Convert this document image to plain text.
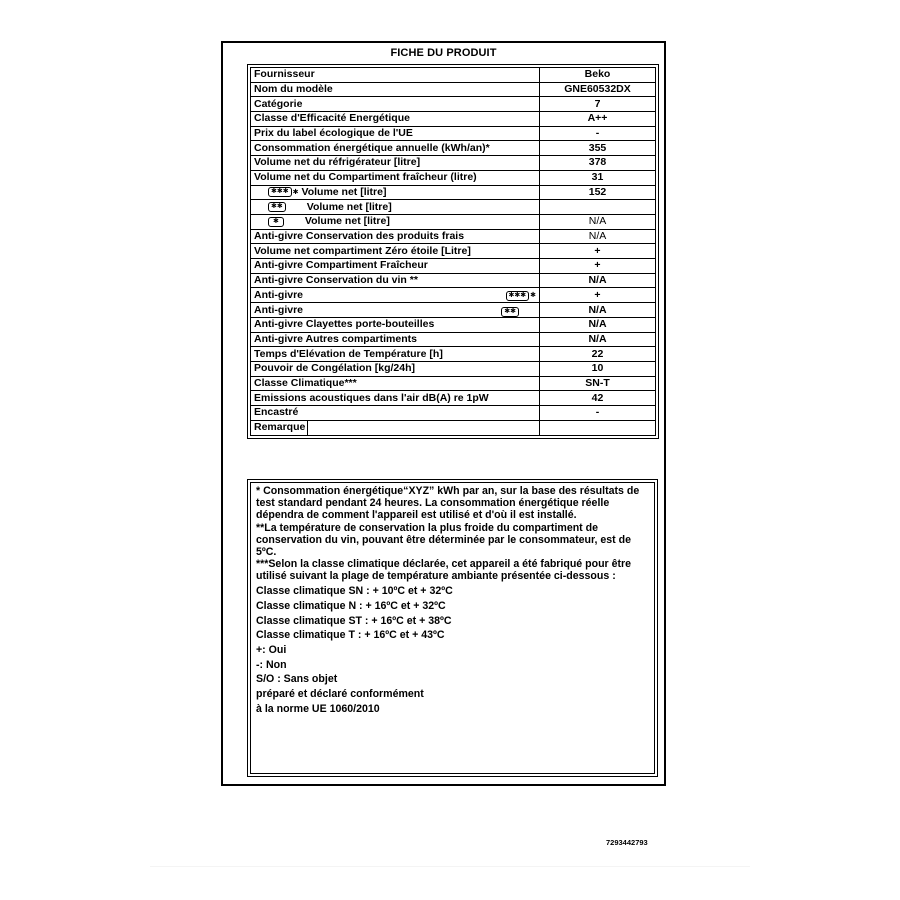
FICHE DU PRODUIT
Fournisseur	Beko
Nom du modèle	GNE60532DX
Catégorie	7
Classe d'Efficacité Energétique	A++
Prix du label écologique de l'UE	-
Consommation énergétique annuelle (kWh/an)*	355
Volume net du réfrigérateur [litre]	378
Volume net du Compartiment fraîcheur (litre)	31

✱✱✱ ✱ Volume net [litre]	152

✱✱ Volume net [litre]	

✱ Volume net [litre]	N/A
Anti-givre Conservation des produits frais	N/A
Volume net compartiment Zéro étoile [Litre]	+
Anti-givre Compartiment Fraîcheur	+
Anti-givre Conservation du vin **	N/A

Anti-givre ✱✱✱ ✱	+

Anti-givre ✱✱	N/A
Anti-givre Clayettes porte-bouteilles	N/A
Anti-givre Autres compartiments	N/A
Temps d'Elévation de Température [h]	22
Pouvoir de Congélation [kg/24h]	10
Classe Climatique***	SN-T
Emissions acoustiques dans l'air dB(A) re 1pW	42
Encastré	-
Remarque

* Consommation énergétique“XYZ” kWh par an, sur la base des résultats de test standard pendant 24 heures. La consommation énergétique réelle dépendra de comment l'appareil est utilisé et d'où il est installé.

**La température de conservation la plus froide du compartiment de conservation du vin, pouvant être déterminée par le consommateur, est de 5ºC.

***Selon la classe climatique déclarée, cet appareil a été fabriqué pour être utilisé suivant la plage de température ambiante présentée ci-dessous :

Classe climatique SN : + 10ºC et + 32ºC

Classe climatique N : + 16ºC et + 32ºC

Classe climatique ST : + 16ºC et + 38ºC

Classe climatique T : + 16ºC et + 43ºC

+: Oui

-: Non

S/O : Sans objet

préparé et déclaré conformément

à la norme UE 1060/2010

7293442793
